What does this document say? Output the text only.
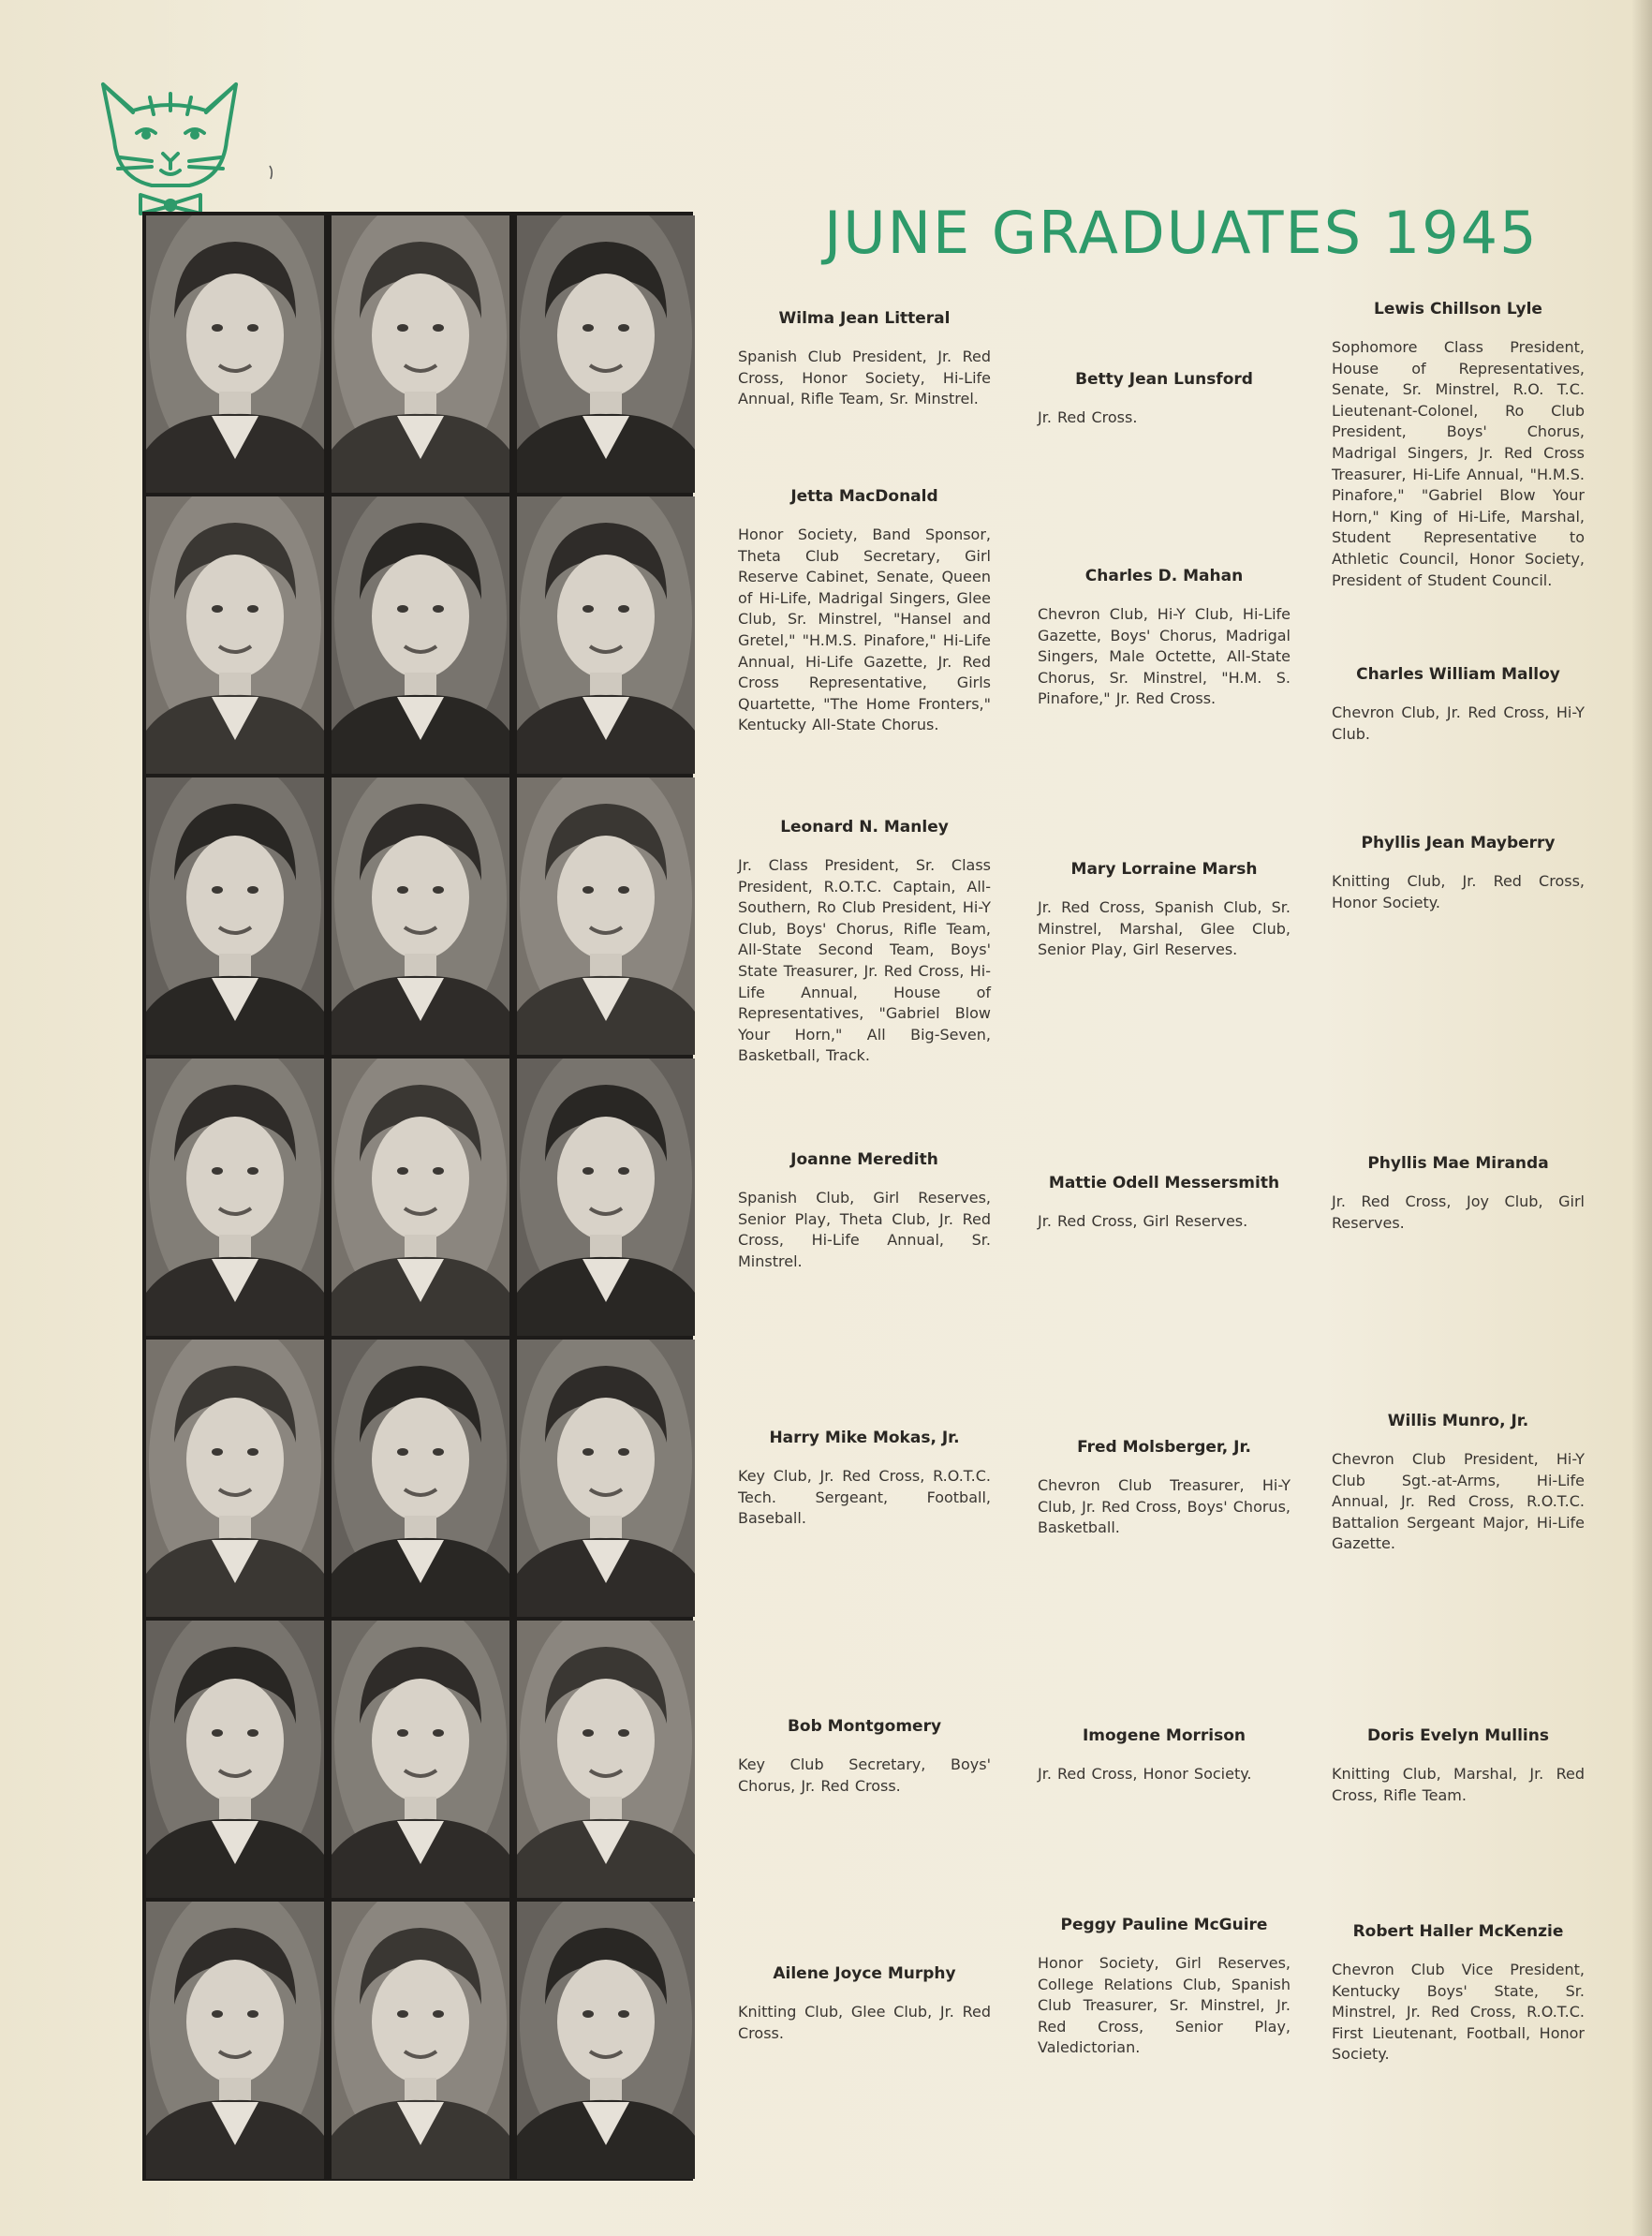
JUNE GRADUATES 1945
Wilma Jean Litteral
Spanish Club President, Jr. Red Cross, Honor Society, Hi-Life Annual, Rifle Team, Sr. Minstrel.
Betty Jean Lunsford
Jr. Red Cross.
Lewis Chillson Lyle
Sophomore Class President, House of Representatives, Senate, Sr. Minstrel, R.O. T.C. Lieutenant-Colonel, Ro Club President, Boys' Chorus, Madrigal Singers, Jr. Red Cross Treasurer, Hi-Life Annual, "H.M.S. Pinafore," "Gabriel Blow Your Horn," King of Hi-Life, Marshal, Student Representative to Athletic Council, Honor Society, President of Student Council.
Jetta MacDonald
Honor Society, Band Sponsor, Theta Club Secretary, Girl Reserve Cabinet, Senate, Queen of Hi-Life, Madrigal Singers, Glee Club, Sr. Minstrel, "Hansel and Gretel," "H.M.S. Pinafore," Hi-Life Annual, Hi-Life Gazette, Jr. Red Cross Representative, Girls Quartette, "The Home Fronters," Kentucky All-State Chorus.
Charles D. Mahan
Chevron Club, Hi-Y Club, Hi-Life Gazette, Boys' Chorus, Madrigal Singers, Male Octette, All-State Chorus, Sr. Minstrel, "H.M. S. Pinafore," Jr. Red Cross.
Charles William Malloy
Chevron Club, Jr. Red Cross, Hi-Y Club.
Leonard N. Manley
Jr. Class President, Sr. Class President, R.O.T.C. Captain, All-Southern, Ro Club President, Hi-Y Club, Boys' Chorus, Rifle Team, All-State Second Team, Boys' State Treasurer, Jr. Red Cross, Hi-Life Annual, House of Representatives, "Gabriel Blow Your Horn," All Big-Seven, Basketball, Track.
Mary Lorraine Marsh
Jr. Red Cross, Spanish Club, Sr. Minstrel, Marshal, Glee Club, Senior Play, Girl Reserves.
Phyllis Jean Mayberry
Knitting Club, Jr. Red Cross, Honor Society.
Joanne Meredith
Spanish Club, Girl Reserves, Senior Play, Theta Club, Jr. Red Cross, Hi-Life Annual, Sr. Minstrel.
Mattie Odell Messersmith
Jr. Red Cross, Girl Reserves.
Phyllis Mae Miranda
Jr. Red Cross, Joy Club, Girl Reserves.
Harry Mike Mokas, Jr.
Key Club, Jr. Red Cross, R.O.T.C. Tech. Sergeant, Football, Baseball.
Fred Molsberger, Jr.
Chevron Club Treasurer, Hi-Y Club, Jr. Red Cross, Boys' Chorus, Basketball.
Willis Munro, Jr.
Chevron Club President, Hi-Y Club Sgt.-at-Arms, Hi-Life Annual, Jr. Red Cross, R.O.T.C. Battalion Sergeant Major, Hi-Life Gazette.
Bob Montgomery
Key Club Secretary, Boys' Chorus, Jr. Red Cross.
Imogene Morrison
Jr. Red Cross, Honor Society.
Doris Evelyn Mullins
Knitting Club, Marshal, Jr. Red Cross, Rifle Team.
Ailene Joyce Murphy
Knitting Club, Glee Club, Jr. Red Cross.
Peggy Pauline McGuire
Honor Society, Girl Reserves, College Relations Club, Spanish Club Treasurer, Sr. Minstrel, Jr. Red Cross, Senior Play, Valedictorian.
Robert Haller McKenzie
Chevron Club Vice President, Kentucky Boys' State, Sr. Minstrel, Jr. Red Cross, R.O.T.C. First Lieutenant, Football, Honor Society.
